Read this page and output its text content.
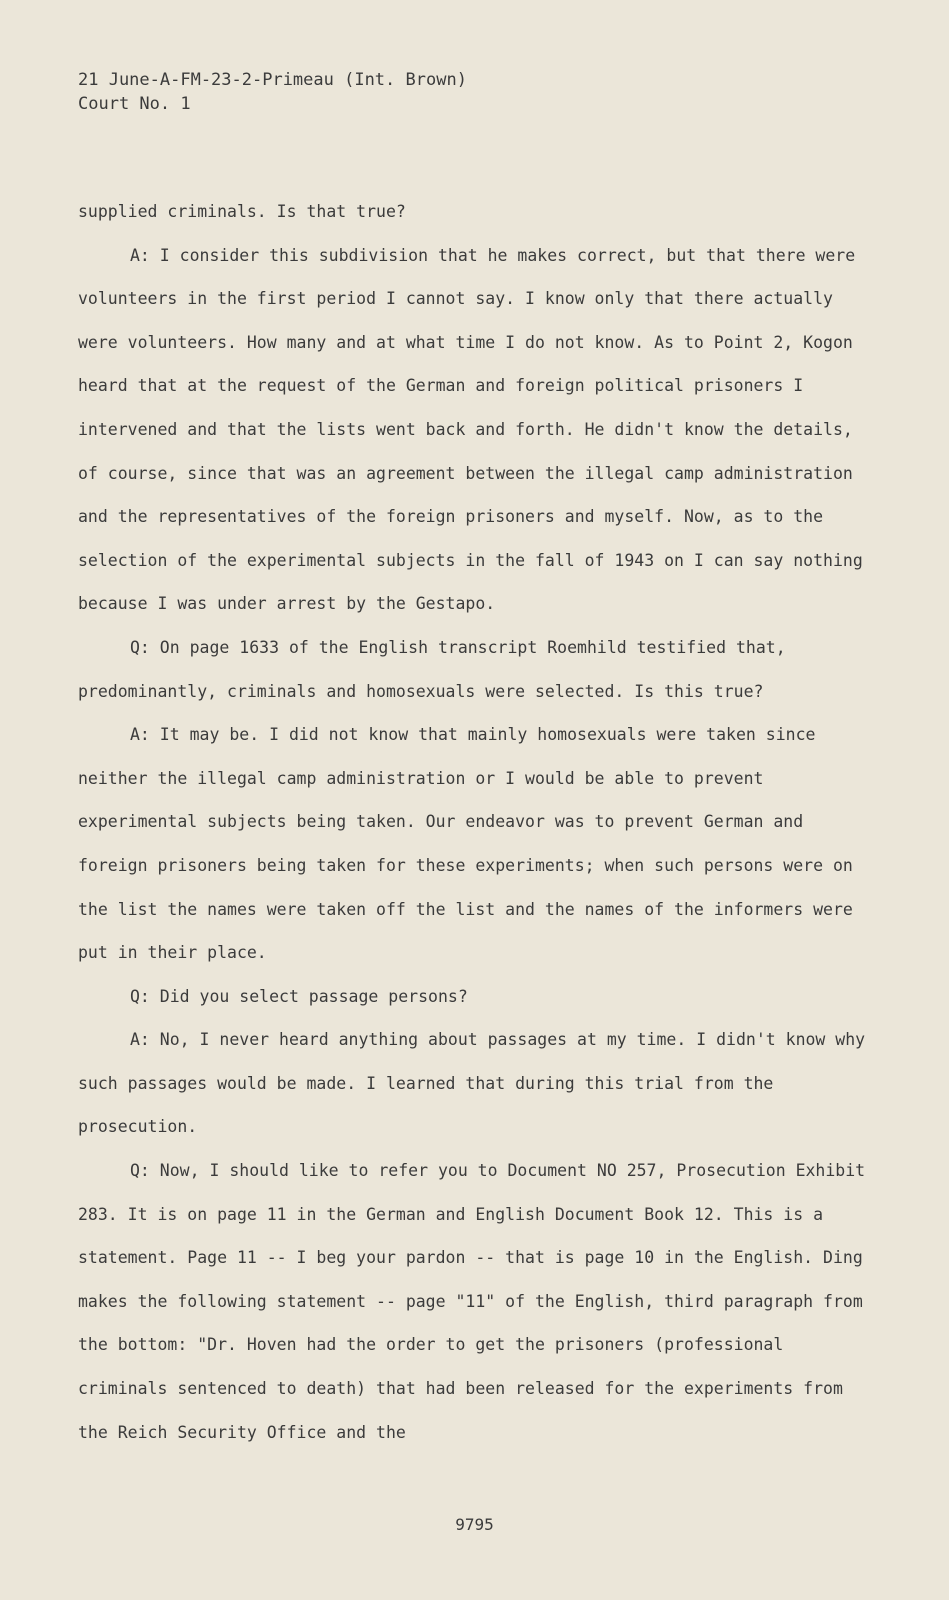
21 June-A-FM-23-2-Primeau (Int. Brown)
Court No. 1

supplied criminals. Is that true?

A: I consider this subdivision that he makes correct, but that there were volunteers in the first period I cannot say. I know only that there actually were volunteers. How many and at what time I do not know. As to Point 2, Kogon heard that at the request of the German and foreign political prisoners I intervened and that the lists went back and forth. He didn't know the details, of course, since that was an agreement between the illegal camp administration and the representatives of the foreign prisoners and myself. Now, as to the selection of the experimental subjects in the fall of 1943 on I can say nothing because I was under arrest by the Gestapo.

Q: On page 1633 of the English transcript Roemhild testified that, predominantly, criminals and homosexuals were selected. Is this true?

A: It may be. I did not know that mainly homosexuals were taken since neither the illegal camp administration or I would be able to prevent experimental subjects being taken. Our endeavor was to prevent German and foreign prisoners being taken for these experiments; when such persons were on the list the names were taken off the list and the names of the informers were put in their place.

Q: Did you select passage persons?

A: No, I never heard anything about passages at my time. I didn't know why such passages would be made. I learned that during this trial from the prosecution.

Q: Now, I should like to refer you to Document NO 257, Prosecution Exhibit 283. It is on page 11 in the German and English Document Book 12. This is a statement. Page 11 -- I beg your pardon -- that is page 10 in the English. Ding makes the following statement -- page "11" of the English, third paragraph from the bottom: "Dr. Hoven had the order to get the prisoners (professional criminals sentenced to death) that had been released for the experiments from the Reich Security Office and the

9795
